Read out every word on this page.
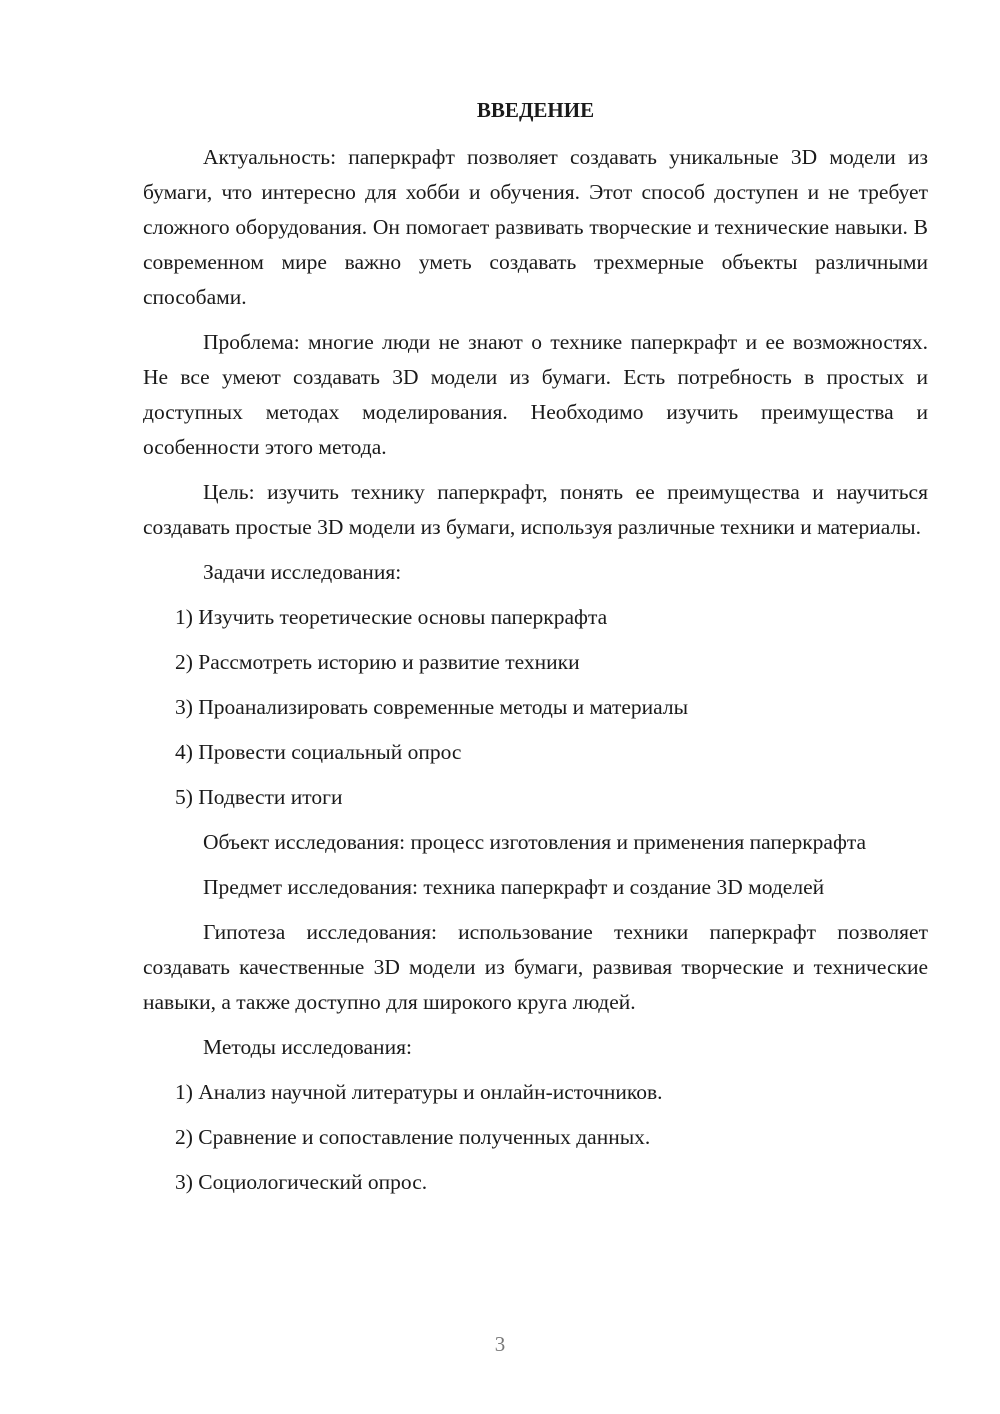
ВВЕДЕНИЕ

Актуальность: паперкрафт позволяет создавать уникальные 3D модели из бумаги, что интересно для хобби и обучения. Этот способ доступен и не требует сложного оборудования. Он помогает развивать творческие и технические навыки. В современном мире важно уметь создавать трехмерные объекты различными способами.

Проблема: многие люди не знают о технике паперкрафт и ее возможностях. Не все умеют создавать 3D модели из бумаги. Есть потребность в простых и доступных методах моделирования. Необходимо изучить преимущества и особенности этого метода.

Цель: изучить технику паперкрафт, понять ее преимущества и научиться создавать простые 3D модели из бумаги, используя различные техники и материалы.

Задачи исследования:

1) Изучить теоретические основы паперкрафта

2) Рассмотреть историю и развитие техники

3) Проанализировать современные методы и материалы

4) Провести социальный опрос

5) Подвести итоги

Объект исследования: процесс изготовления и применения паперкрафта

Предмет исследования: техника паперкрафт и создание 3D моделей

Гипотеза исследования: использование техники паперкрафт позволяет создавать качественные 3D модели из бумаги, развивая творческие и технические навыки, а также доступно для широкого круга людей.

Методы исследования:

1) Анализ научной литературы и онлайн-источников.

2) Сравнение и сопоставление полученных данных.

3) Социологический опрос.

3
